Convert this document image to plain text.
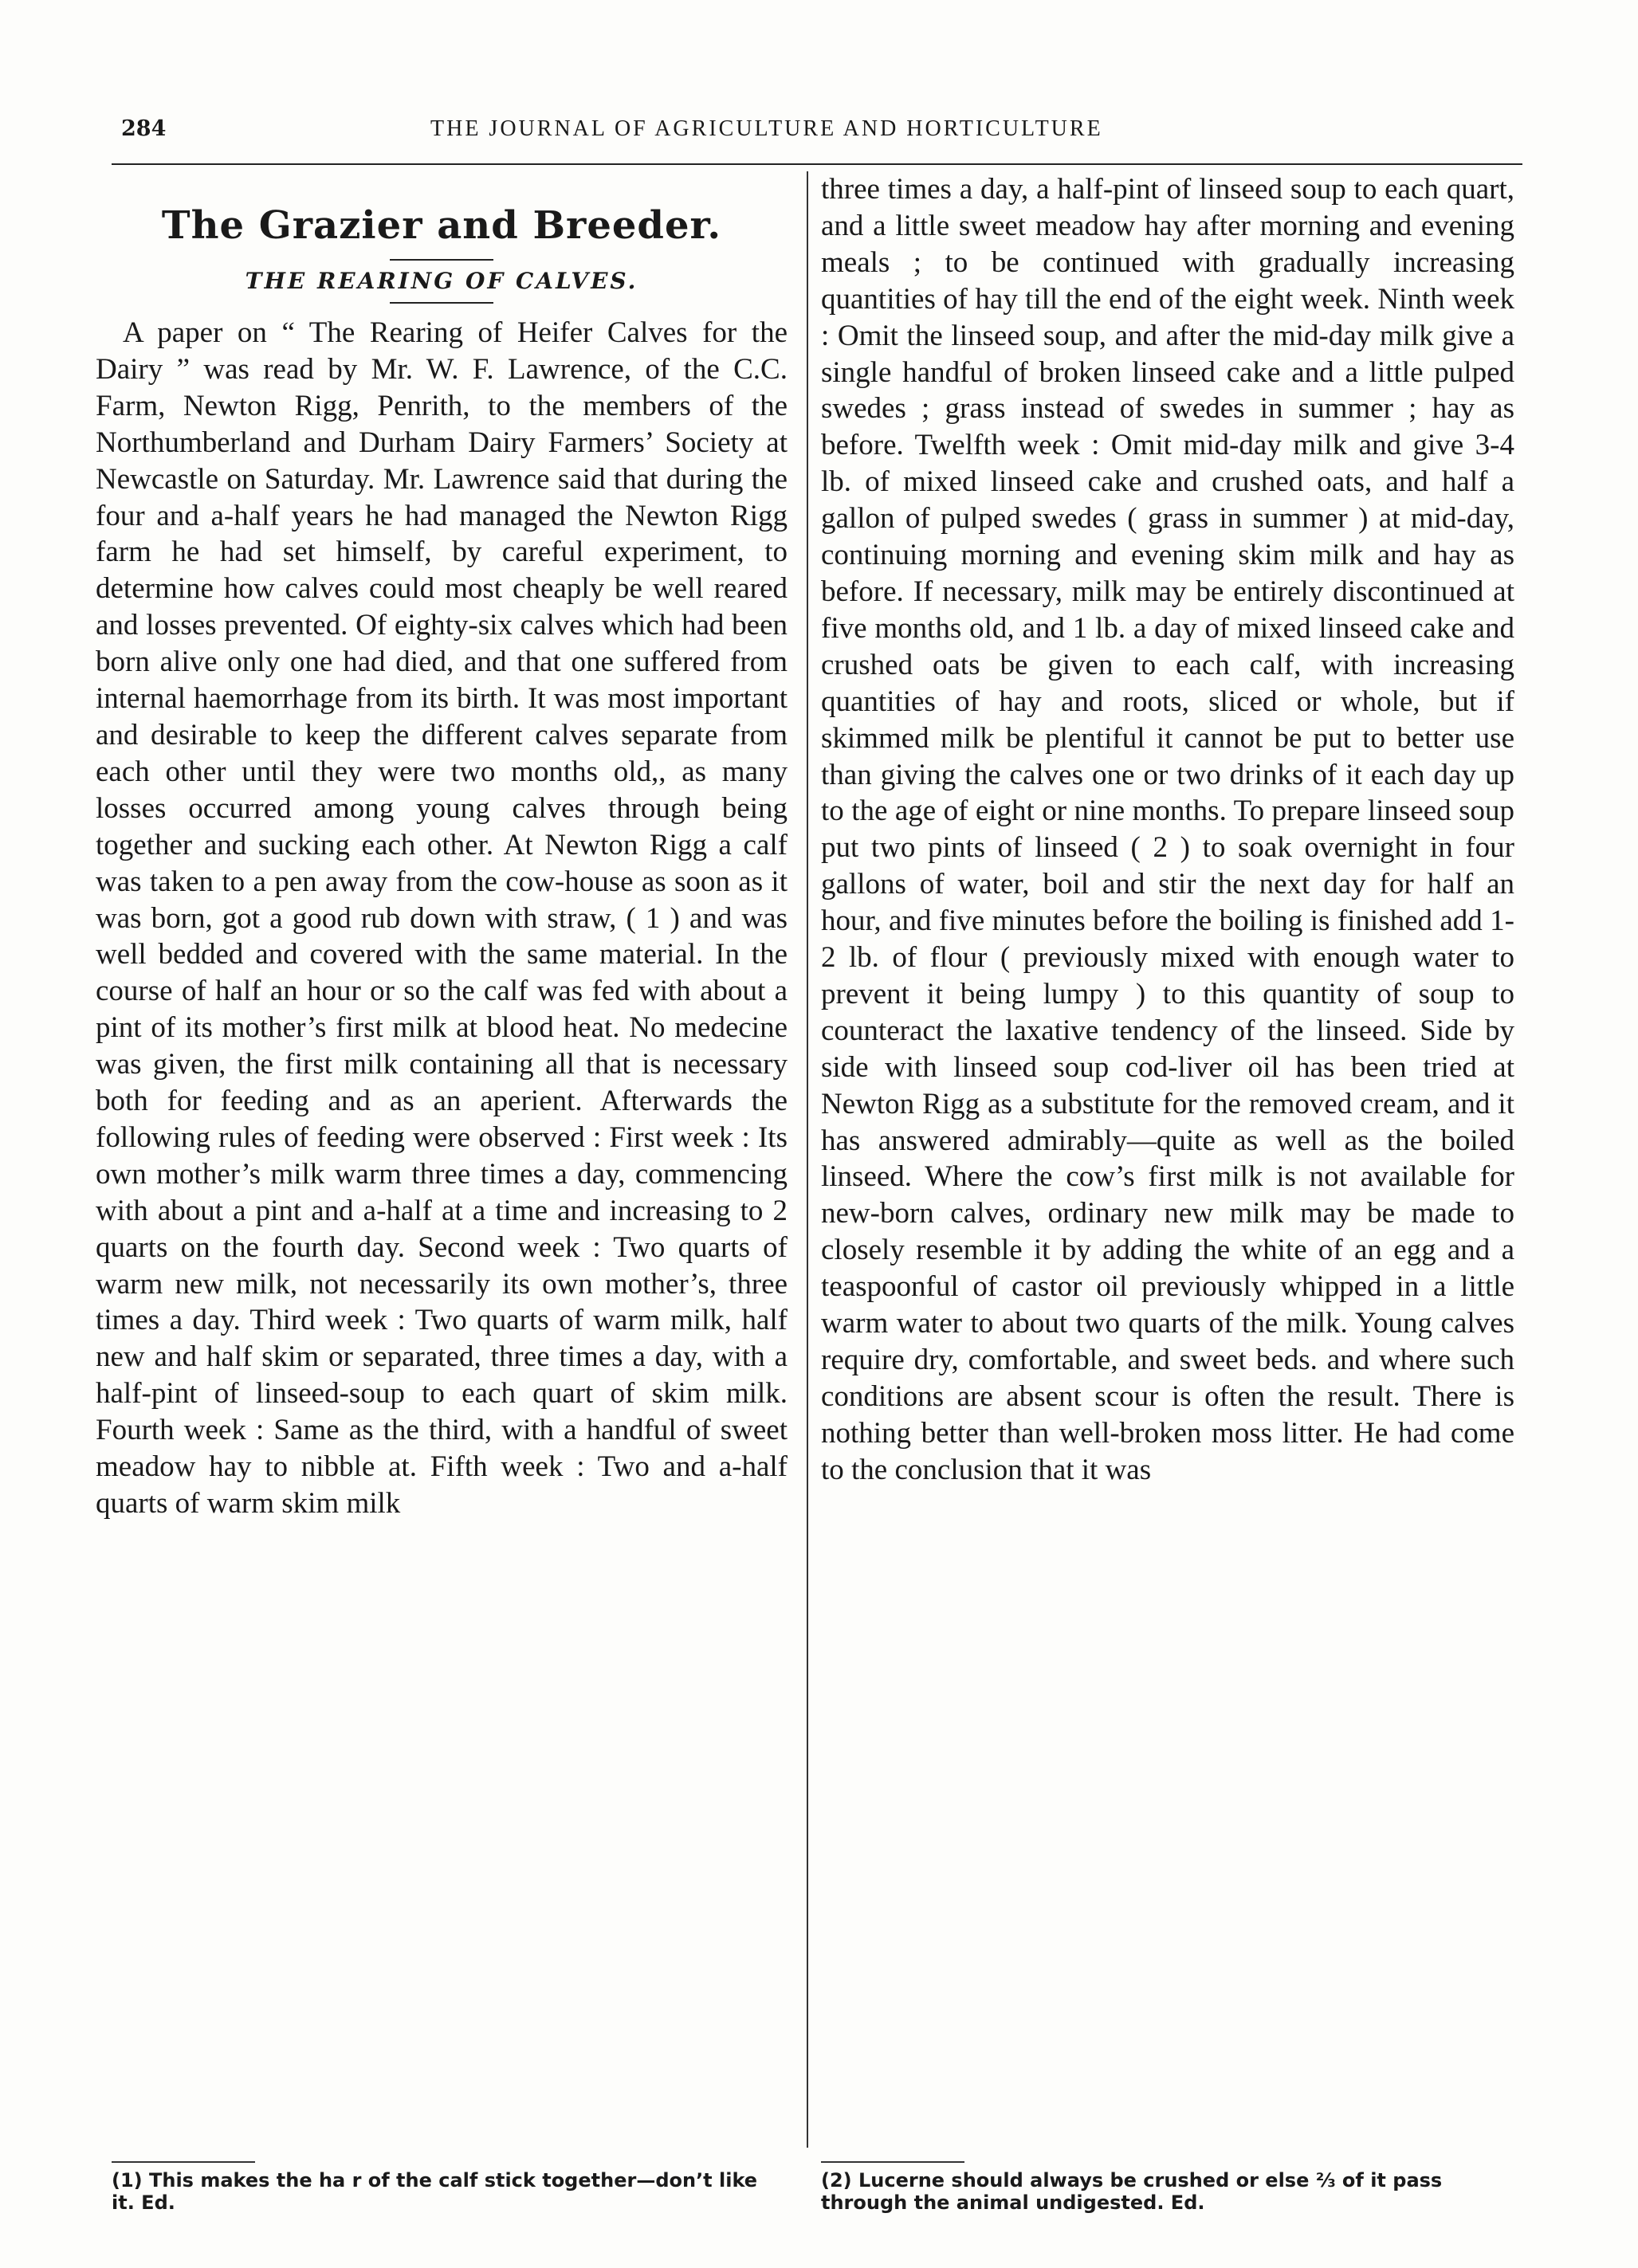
284	THE JOURNAL OF AGRICULTURE AND HORTICULTURE
The Grazier and Breeder.
THE REARING OF CALVES.

A paper on “ The Rearing of Heifer Calves for the Dairy ” was read by Mr. W. F. Lawrence, of the C.C. Farm, Newton Rigg, Penrith, to the members of the Northumberland and Durham Dairy Farmers’ Society at Newcastle on Saturday. Mr. Lawrence said that during the four and a-half years he had managed the Newton Rigg farm he had set himself, by careful experiment, to determine how calves could most cheaply be well reared and losses prevented. Of eighty-six calves which had been born alive only one had died, and that one suffered from internal haemorrhage from its birth. It was most important and desirable to keep the different calves separate from each other until they were two months old,, as many losses occurred among young calves through being together and sucking each other. At Newton Rigg a calf was taken to a pen away from the cow-house as soon as it was born, got a good rub down with straw, ( 1 ) and was well bedded and covered with the same material. In the course of half an hour or so the calf was fed with about a pint of its mother’s first milk at blood heat. No medecine was given, the first milk containing all that is necessary both for feeding and as an aperient. Afterwards the following rules of feeding were observed : First week : Its own mother’s milk warm three times a day, commencing with about a pint and a-half at a time and increasing to 2 quarts on the fourth day. Second week : Two quarts of warm new milk, not necessarily its own mother’s, three times a day. Third week : Two quarts of warm milk, half new and half skim or separated, three times a day, with a half-pint of linseed-soup to each quart of skim milk. Fourth week : Same as the third, with a handful of sweet meadow hay to nibble at. Fifth week : Two and a-half quarts of warm skim milk

three times a day, a half-pint of linseed soup to each quart, and a little sweet meadow hay after morning and evening meals ; to be continued with gradually increasing quantities of hay till the end of the eight week. Ninth week : Omit the linseed soup, and after the mid-day milk give a single handful of broken linseed cake and a little pulped swedes ; grass instead of swedes in summer ; hay as before. Twelfth week : Omit mid-day milk and give 3-4 lb. of mixed linseed cake and crushed oats, and half a gallon of pulped swedes ( grass in summer ) at mid-day, continuing morning and evening skim milk and hay as before. If necessary, milk may be entirely discontinued at five months old, and 1 lb. a day of mixed linseed cake and crushed oats be given to each calf, with increasing quantities of hay and roots, sliced or whole, but if skimmed milk be plentiful it cannot be put to better use than giving the calves one or two drinks of it each day up to the age of eight or nine months. To prepare linseed soup put two pints of linseed ( 2 ) to soak overnight in four gallons of water, boil and stir the next day for half an hour, and five minutes before the boiling is finished add 1-2 lb. of flour ( previously mixed with enough water to prevent it being lumpy ) to this quantity of soup to counteract the laxative tendency of the linseed. Side by side with linseed soup cod-liver oil has been tried at Newton Rigg as a substitute for the removed cream, and it has answered admirably—quite as well as the boiled linseed. Where the cow’s first milk is not available for new-born calves, ordinary new milk may be made to closely resemble it by adding the white of an egg and a teaspoonful of castor oil previously whipped in a little warm water to about two quarts of the milk. Young calves require dry, comfortable, and sweet beds. and where such conditions are absent scour is often the result. There is nothing better than well-broken moss litter. He had come to the conclusion that it was

(1) This makes the ha r of the calf stick together—don’t like it. Ed.
(2) Lucerne should always be crushed or else ⅔ of it pass through the animal undigested. Ed.
